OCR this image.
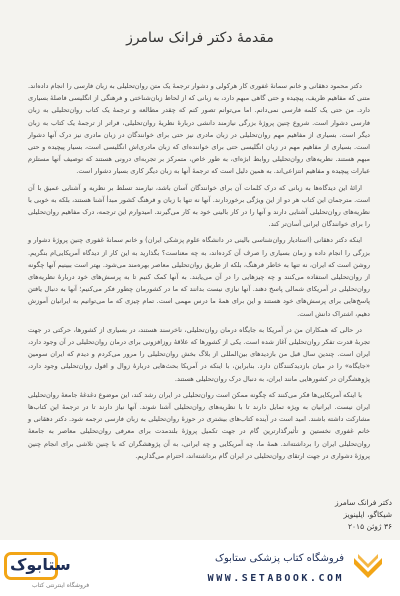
مقدمهٔ دکتر فرانک سامرز

دکتر محمود دهقانی و خانم سمانهٔ غفوری کار هرکولی و دشوار ترجمهٔ یک متن روان‌تحلیلی به زبان فارسی را انجام داده‌اند. متنی که مفاهیم ظریف، پیچیده و حتی گاهی مبهم دارد، به زبانی که از لحاظ زبان‌شناختی و فرهنگی از انگلیسی فاصلهٔ بسیاری دارد. من حتی یک کلمه فارسی نمی‌دانم. اما می‌توانم تصور کنم که چقدر مطالعه و ترجمهٔ یک کتاب روان‌تحلیلی به زبان فارسی دشوار است. شروع چنین پروژهٔ بزرگی نیازمند دانشی دربارهٔ نظریهٔ روان‌تحلیلی، فراتر از ترجمهٔ یک کتاب به زبان دیگر است. بسیاری از مفاهیم مهم روان‌تحلیلی در زبان مادری نیز حتی برای خوانندگان در زبان مادری نیز درک آنها دشوار است. بسیاری از مفاهیم مهم در زبان انگلیسی حتی برای خواننده‌ای که زبان مادری‌اش انگلیسی است، بسیار پیچیده و حتی مبهم هستند. نظریه‌های روان‌تحلیلی روابط ابژه‌ای، به طور خاص، متمرکز بر تجربه‌ای درونی هستند که توصیف آنها مستلزم عبارات پیچیده و مفاهیم انتزاعی‌اند. به همین دلیل است که ترجمهٔ آنها به زبان دیگر کاری بسیار دشوار است.

ارائهٔ این دیدگاه‌ها به زبانی که درک کلمات آن برای خوانندگان آسان باشد، نیازمند تسلط بر نظریه و آشنایی عمیق با آن است. مترجمان این کتاب هر دو از این ویژگی برخوردارند. آنها نه تنها با زبان و فرهنگ کشور مبدأ آشنا هستند، بلکه به خوبی با نظریه‌های روان‌تحلیلی آشنایی دارند و آنها را در کار بالینی خود به کار می‌گیرند. امیدوارم این ترجمه، درک مفاهیم روان‌تحلیلی را برای خوانندگان ایرانی آسان‌تر کند.

اینکه دکتر دهقانی (استادیار روان‌شناسی بالینی در دانشگاه علوم پزشکی ایران) و خانم سمانهٔ غفوری چنین پروژهٔ دشوار و بزرگی را انجام داده و زمان بسیاری را صرف آن کرده‌اند، به چه معناست؟ بگذارید به این کار از دیدگاه آمریکایی‌ام بنگریم. روشن است که ایران، نه تنها به خاطر فرهنگ، بلکه از طریق روان‌تحلیلی معاصر بهره‌مند می‌شود. بهتر است ببینیم آنها چگونه از روان‌تحلیلی استفاده می‌کنند و چه چیزهایی را در آن می‌یابند. به آنها کمک کنیم تا به پرسش‌های خود دربارهٔ نظریه‌های روان‌تحلیلی در آمریکای شمالی پاسخ دهند. آنها نیازی نیست بدانند که ما در کشورمان چطور فکر می‌کنیم؛ آنها به دنبال یافتن پاسخ‌هایی برای پرسش‌های خود هستند و این برای همهٔ ما درس مهمی است. تمام چیزی که ما می‌توانیم به ایرانیان آموزش دهیم، اشتراک دانش است.

در حالی که همکاران من در آمریکا به جایگاه درمان روان‌تحلیلی، ناخرسند هستند، در بسیاری از کشورها، حرکتی در جهت تجربهٔ قدرت تفکر روان‌تحلیلی آغاز شده است. یکی از کشورها که علاقهٔ روزافزونی برای درمان روان‌تحلیلی در آن وجود دارد، ایران است. چندین سال قبل من بازدیدهای بین‌المللی از بلاگ بخش روان‌تحلیلی را مرور می‌کردم و دیدم که ایران سومین «جایگاه» را در میان بازدیدکنندگان دارد. بنابراین، با اینکه در آمریکا بحث‌هایی دربارهٔ زوال و افول روان‌تحلیلی وجود دارد، پژوهشگران در کشورهایی مانند ایران، به دنبال درک روان‌تحلیلی هستند.

با اینکه آمریکایی‌ها فکر می‌کنند که چگونه ممکن است روان‌تحلیلی در ایران رشد کند، این موضوع دغدغهٔ جامعهٔ روان‌تحلیلی ایران نیست. ایرانیان به ویژه تمایل دارند تا با نظریه‌های روان‌تحلیلی آشنا شوند. آنها نیاز دارند تا در ترجمهٔ این کتاب‌ها مشارکت داشته باشند. امید است در آینده کتاب‌های بیشتری در حوزهٔ روان‌تحلیلی به زبان فارسی ترجمه شود. دکتر دهقانی و خانم غفوری نخستین و تأثیرگذارترین گام در جهت تکمیل پروژهٔ بلندمدت برای معرفی روان‌تحلیلی معاصر به جامعهٔ روان‌تحلیلی ایران را برداشته‌اند. همهٔ ما، چه آمریکایی و چه ایرانی، به آن پژوهشگران که با چنین تلاشی برای انجام چنین پروژهٔ دشواری در جهت ارتقای روان‌تحلیلی در ایران گام برداشته‌اند، احترام می‌گذاریم.

دکتر فرانک سامرز
شیکاگو، ایلینویز
۳۶ ژوئن ۲۰۱۵
ستابوک
فروشگاه اینترنتی کتاب
فروشگاه کتاب پزشکی ستابوک
WWW.SETABOOK.COM
